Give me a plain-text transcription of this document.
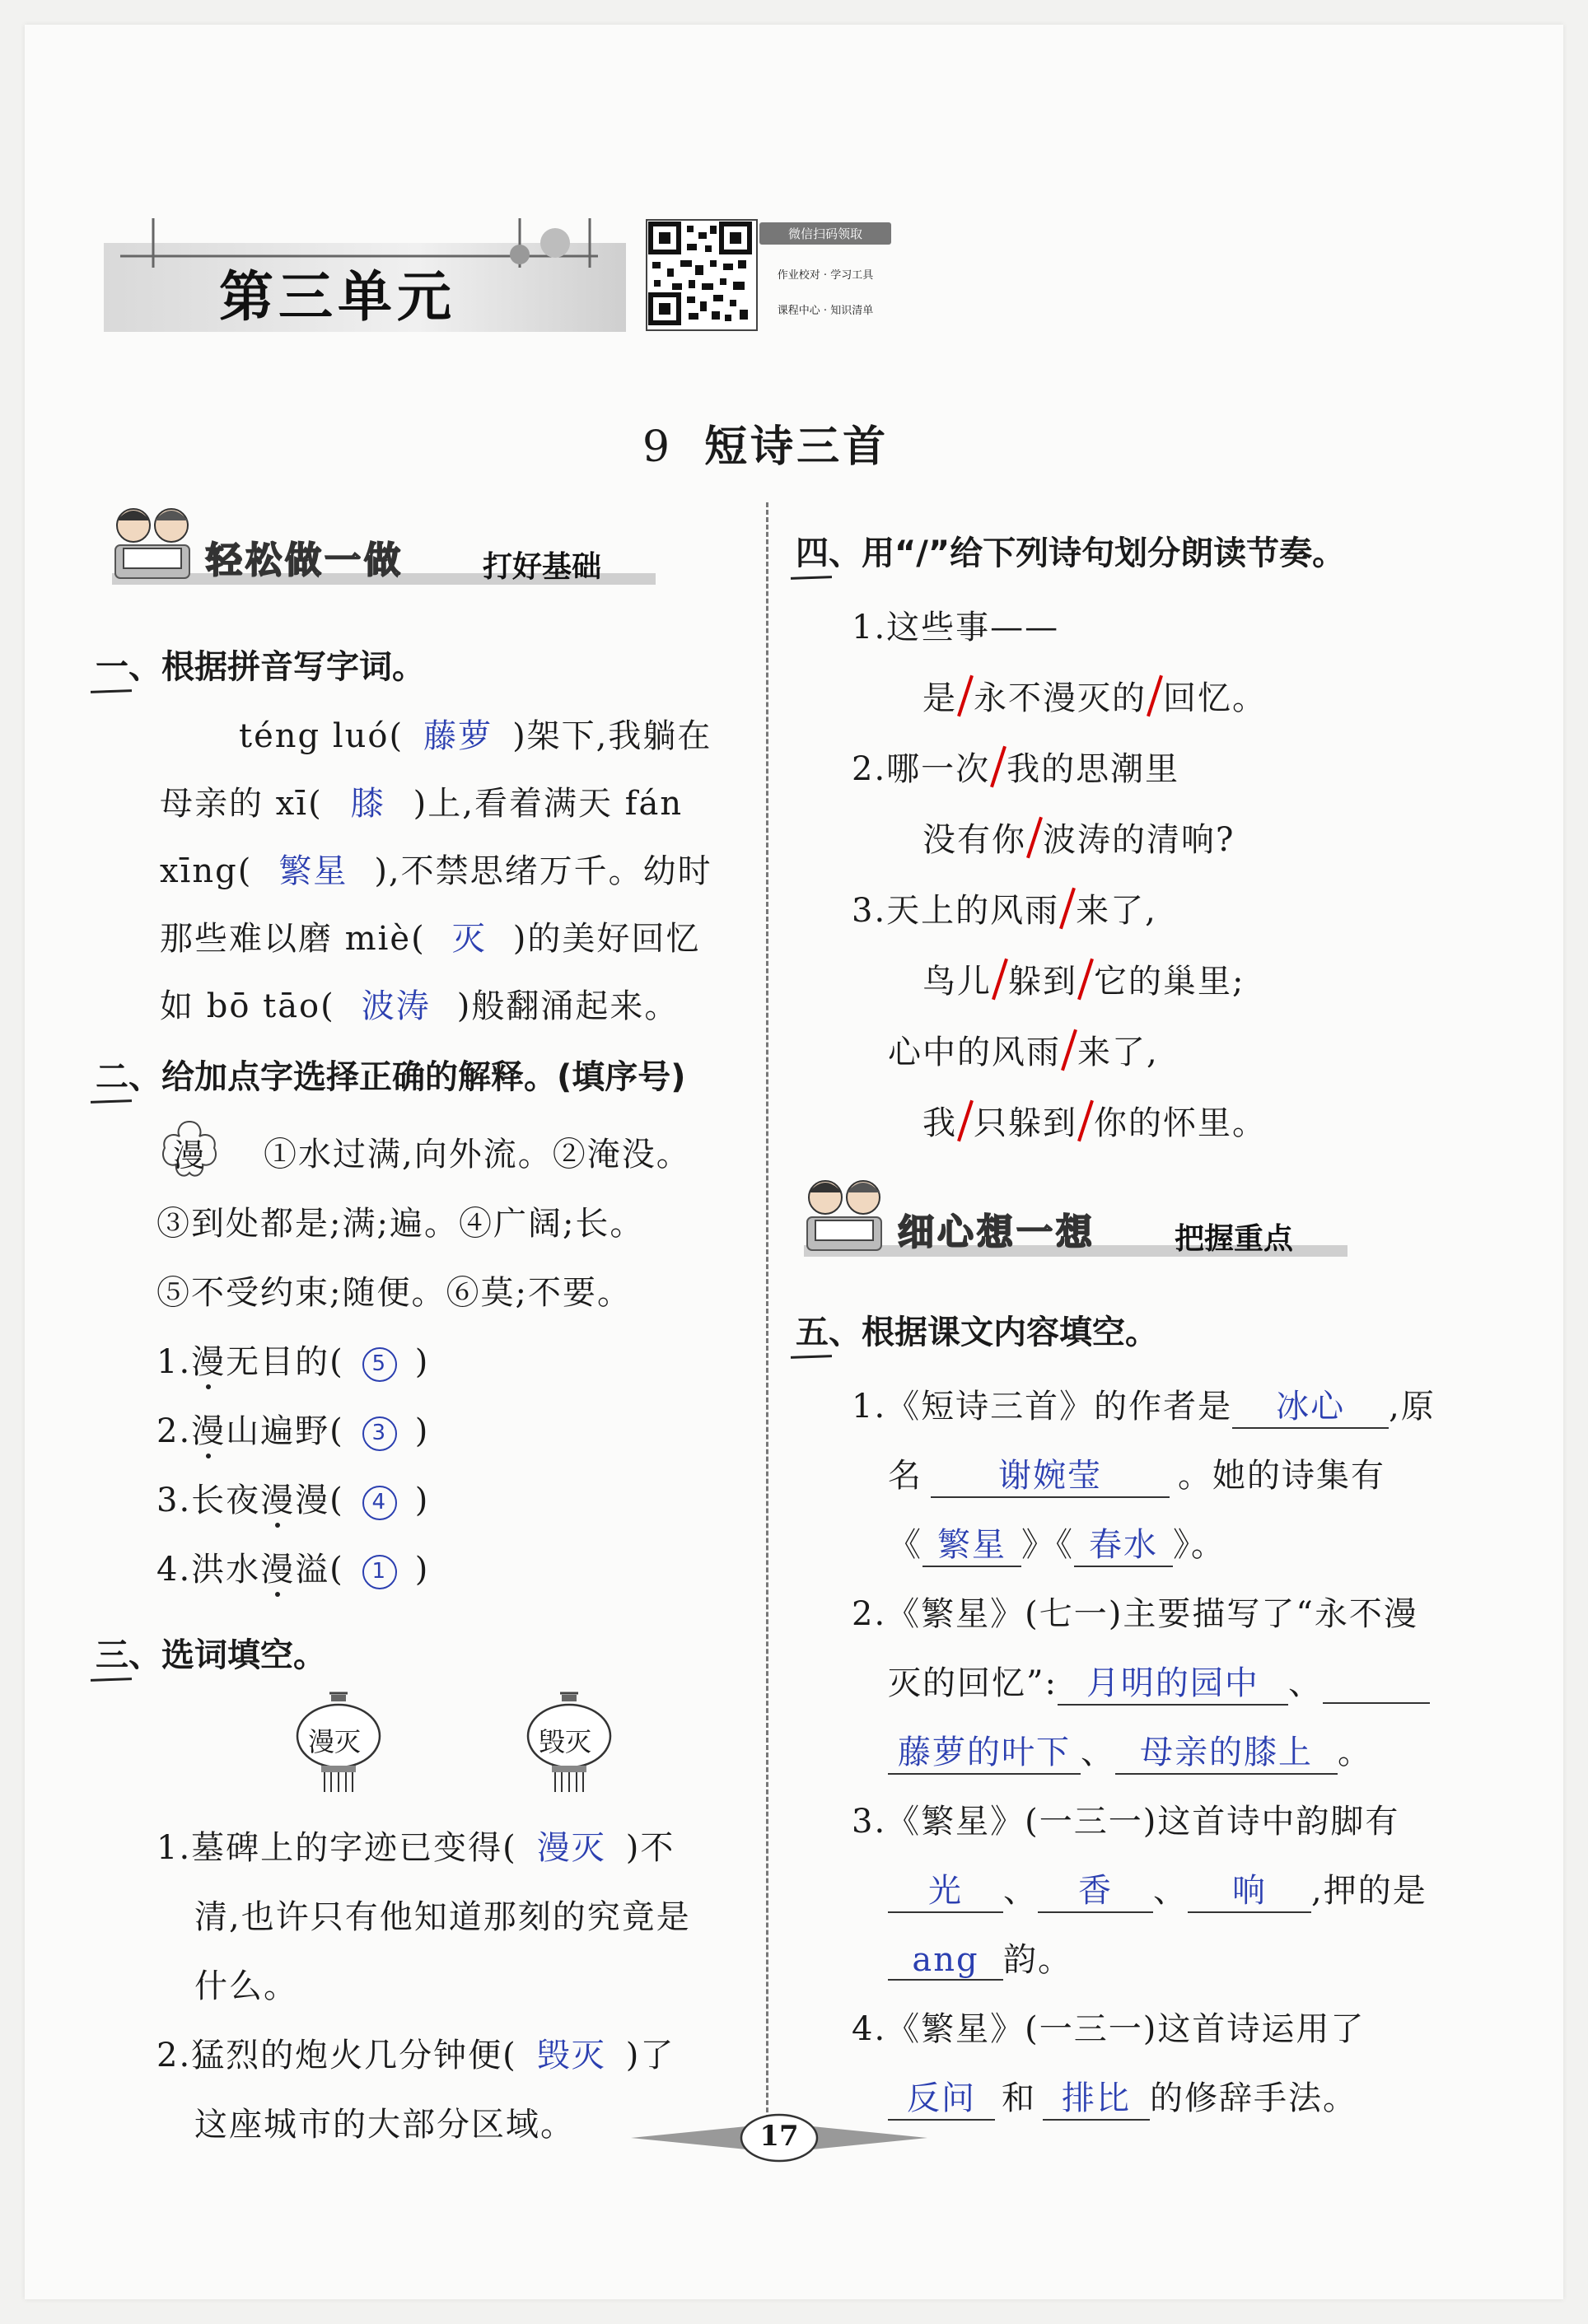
第三单元
微信扫码领取
作业校对 · 学习工具
课程中心 · 知识清单
9 短诗三首
轻松做一做	打好基础
一、根据拼音写字词。
téng luó( 藤萝 )架下,我躺在
母亲的 xī( 膝 )上,看着满天 fán
xīng( 繁星 ),不禁思绪万千。幼时
那些难以磨 miè( 灭 )的美好回忆
如 bō tāo( 波涛 )般翻涌起来。
二、给加点字选择正确的解释。(填序号)
漫 ①水过满,向外流。②淹没。
③到处都是;满;遍。④广阔;长。
⑤不受约束;随便。⑥莫;不要。
1.漫无目的( 5 )
2.漫山遍野( 3 )
3.长夜漫漫( 4 )
4.洪水漫溢( 1 )
三、选词填空。
漫灭	毁灭
1.墓碑上的字迹已变得( 漫灭 )不
清,也许只有他知道那刻的究竟是
什么。
2.猛烈的炮火几分钟便( 毁灭 )了
这座城市的大部分区域。
四、用“/”给下列诗句划分朗读节奏。
1.这些事——
是 永不漫灭的 回忆。
2.哪一次 我的思潮里
没有你 波涛的清响?
3.天上的风雨 来了,
鸟儿 躲到 它的巢里;
心中的风雨 来了,
我 只躲到 你的怀里。
细心想一想	把握重点
五、根据课文内容填空。
1.《短诗三首》的作者是 冰心 ,原
名 谢婉莹 。她的诗集有
《 繁星 》《 春水 》。
2.《繁星》(七一)主要描写了“永不漫
灭的回忆”: 月明的园中 、
藤萝的叶下 、 母亲的膝上 。
3.《繁星》(一三一)这首诗中韵脚有
光 、 香 、 响 ,押的是
ang 韵。
4.《繁星》(一三一)这首诗运用了
反问 和 排比 的修辞手法。
17
